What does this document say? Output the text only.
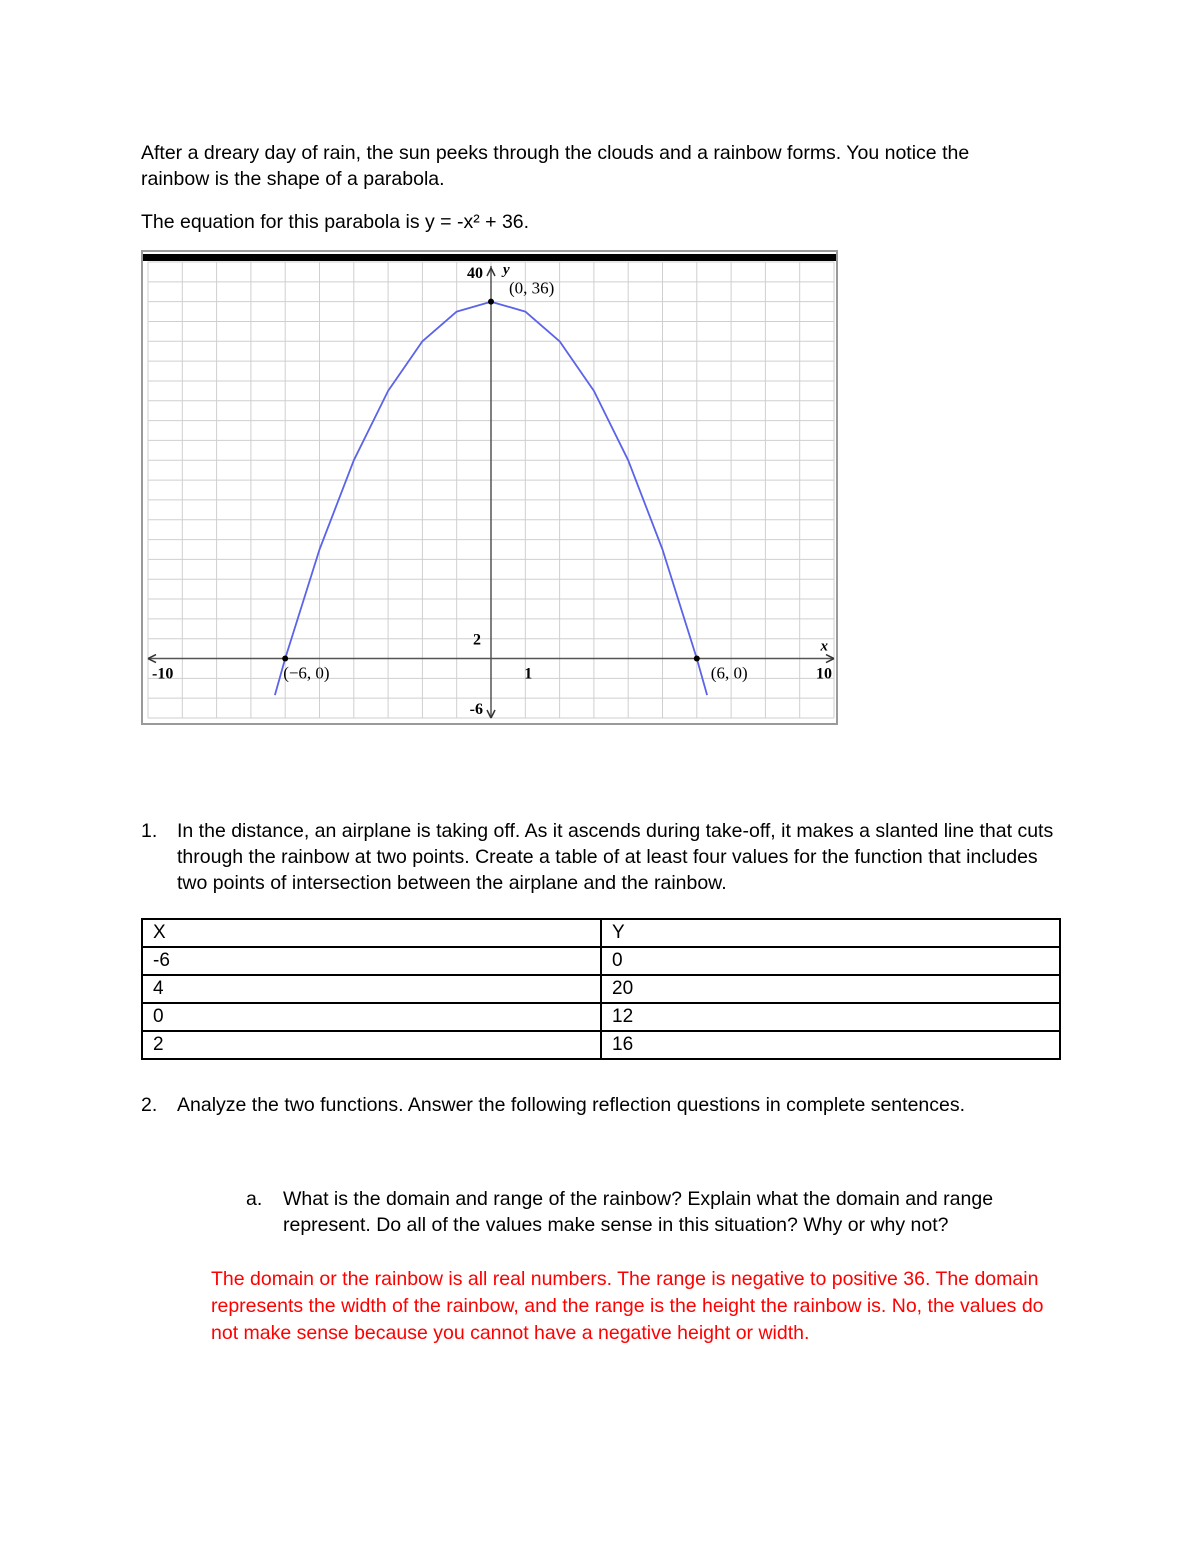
After a dreary day of rain, the sun peeks through the clouds and a rainbow forms. You notice the rainbow is the shape of a parabola.

The equation for this parabola is y = -x² + 36.

(0, 36)
(−6, 0)	(6, 0)
-10	10
1
40
-6
2	x
y
1. In the distance, an airplane is taking off. As it ascends during take-off, it makes a slanted line that cuts through the rainbow at two points. Create a table of at least four values for the function that includes two points of intersection between the airplane and the rainbow.
X	Y
-6	0
4	20
0	12
2	16
2. Analyze the two functions. Answer the following reflection questions in complete sentences.
a. What is the domain and range of the rainbow? Explain what the domain and range represent. Do all of the values make sense in this situation? Why or why not?
The domain or the rainbow is all real numbers. The range is negative to positive 36. The domain represents the width of the rainbow, and the range is the height the rainbow is. No, the values do not make sense because you cannot have a negative height or width.
